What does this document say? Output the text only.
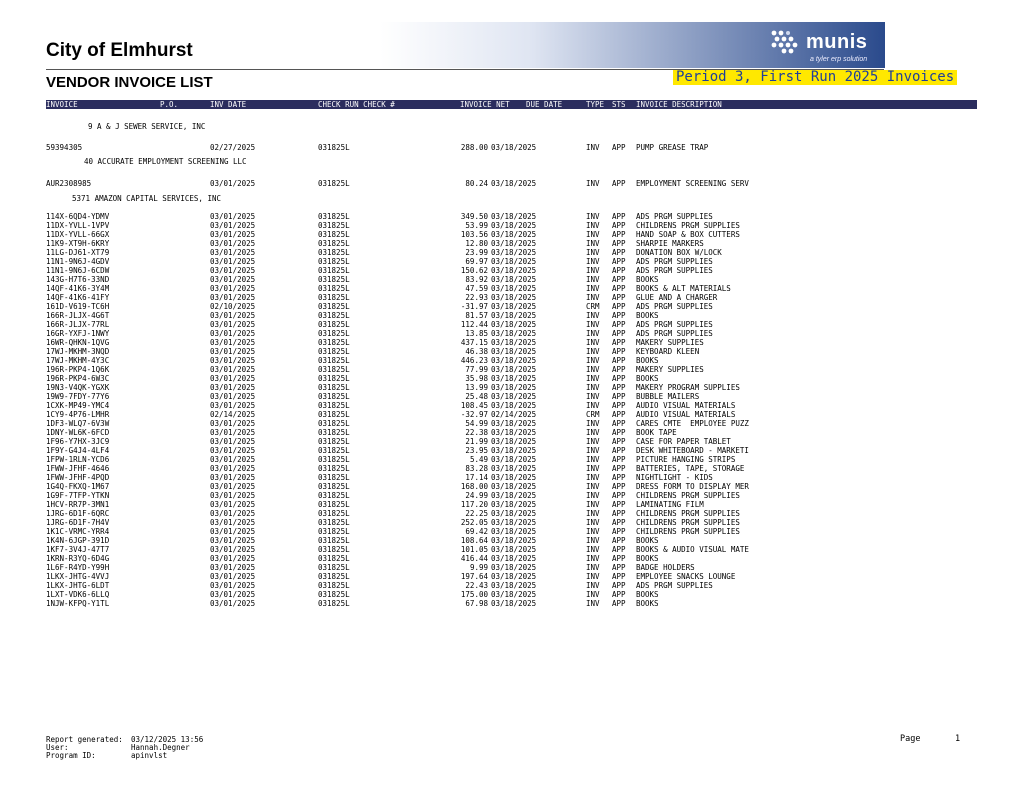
City of Elmhurst
VENDOR INVOICE LIST
munis
a tyler erp solution
Period 3, First Run 2025 Invoices
INVOICE	P.O.	INV DATE	CHECK RUN CHECK #	INVOICE NET DUE DATE	TYPE STS INVOICE DESCRIPTION
9 A & J SEWER SERVICE, INC
59394305	02/27/2025	031825L	288.00 03/18/2025	INV APP PUMP GREASE TRAP
40 ACCURATE EMPLOYMENT SCREENING LLC
AUR2308985	03/01/2025	031825L	80.24 03/18/2025	INV APP EMPLOYMENT SCREENING SERV
5371 AMAZON CAPITAL SERVICES, INC
114X-6QD4-YDMV	03/01/2025	031825L	349.50 03/18/2025	INV APP ADS PRGM SUPPLIES
11DX-YVLL-1VPV	03/01/2025	031825L	53.99 03/18/2025	INV APP CHILDRENS PRGM SUPPLIES
11DX-YVLL-66GX	03/01/2025	031825L	103.56 03/18/2025	INV APP HAND SOAP & BOX CUTTERS
11K9-XT9H-6KRY	03/01/2025	031825L	12.80 03/18/2025	INV APP SHARPIE MARKERS
11LG-DJ61-XT79	03/01/2025	031825L	23.99 03/18/2025	INV APP DONATION BOX W/LOCK
11N1-9N6J-4GDV	03/01/2025	031825L	69.97 03/18/2025	INV APP ADS PRGM SUPPLIES
11N1-9N6J-6CDW	03/01/2025	031825L	150.62 03/18/2025	INV APP ADS PRGM SUPPLIES
143G-H7T6-33ND	03/01/2025	031825L	83.92 03/18/2025	INV APP BOOKS
14QF-41K6-3Y4M	03/01/2025	031825L	47.59 03/18/2025	INV APP BOOKS & ALT MATERIALS
14QF-41K6-41FY	03/01/2025	031825L	22.93 03/18/2025	INV APP GLUE AND A CHARGER
161D-V619-TC6H	02/10/2025	031825L	-31.97 03/18/2025	CRM APP ADS PRGM SUPPLIES
166R-JLJX-4G6T	03/01/2025	031825L	81.57 03/18/2025	INV APP BOOKS
166R-JLJX-77RL	03/01/2025	031825L	112.44 03/18/2025	INV APP ADS PRGM SUPPLIES
16GR-YXFJ-1NWY	03/01/2025	031825L	13.85 03/18/2025	INV APP ADS PRGM SUPPLIES
16WR-QHKN-1QVG	03/01/2025	031825L	437.15 03/18/2025	INV APP MAKERY SUPPLIES
17WJ-MKHM-3NQD	03/01/2025	031825L	46.38 03/18/2025	INV APP KEYBOARD KLEEN
17WJ-MKHM-4Y3C	03/01/2025	031825L	446.23 03/18/2025	INV APP BOOKS
196R-PKP4-1Q6K	03/01/2025	031825L	77.99 03/18/2025	INV APP MAKERY SUPPLIES
196R-PKP4-6W3C	03/01/2025	031825L	35.98 03/18/2025	INV APP BOOKS
19N3-V4QK-YGXK	03/01/2025	031825L	13.99 03/18/2025	INV APP MAKERY PROGRAM SUPPLIES
19W9-7FDY-77Y6	03/01/2025	031825L	25.48 03/18/2025	INV APP BUBBLE MAILERS
1CXK-MP49-YMC4	03/01/2025	031825L	108.45 03/18/2025	INV APP AUDIO VISUAL MATERIALS
1CY9-4P76-LMHR	02/14/2025	031825L	-32.97 02/14/2025	CRM APP AUDIO VISUAL MATERIALS
1DF3-WLQ7-6V3W	03/01/2025	031825L	54.99 03/18/2025	INV APP CARES CMTE  EMPLOYEE PUZZ
1DNY-WL6K-6FCD	03/01/2025	031825L	22.38 03/18/2025	INV APP BOOK TAPE
1F96-Y7HX-3JC9	03/01/2025	031825L	21.99 03/18/2025	INV APP CASE FOR PAPER TABLET
1F9Y-G4J4-4LF4	03/01/2025	031825L	23.95 03/18/2025	INV APP DESK WHITEBOARD - MARKETI
1FPW-1RLN-YCD6	03/01/2025	031825L	5.49 03/18/2025	INV APP PICTURE HANGING STRIPS
1FWW-JFHF-4646	03/01/2025	031825L	83.28 03/18/2025	INV APP BATTERIES, TAPE, STORAGE
1FWW-JFHF-4PQD	03/01/2025	031825L	17.14 03/18/2025	INV APP NIGHTLIGHT - KIDS
1G4Q-FKXQ-1M67	03/01/2025	031825L	168.00 03/18/2025	INV APP DRESS FORM TO DISPLAY MER
1G9F-7TFP-YTKN	03/01/2025	031825L	24.99 03/18/2025	INV APP CHILDRENS PRGM SUPPLIES
1HCV-RR7P-3MN1	03/01/2025	031825L	117.20 03/18/2025	INV APP LAMINATING FILM
1JRG-6D1F-6QRC	03/01/2025	031825L	22.25 03/18/2025	INV APP CHILDRENS PRGM SUPPLIES
1JRG-6D1F-7H4V	03/01/2025	031825L	252.05 03/18/2025	INV APP CHILDRENS PRGM SUPPLIES
1K1C-VRMC-YRR4	03/01/2025	031825L	69.42 03/18/2025	INV APP CHILDRENS PRGM SUPPLIES
1K4N-6JGP-391D	03/01/2025	031825L	108.64 03/18/2025	INV APP BOOKS
1KF7-3V4J-47T7	03/01/2025	031825L	101.05 03/18/2025	INV APP BOOKS & AUDIO VISUAL MATE
1KRN-R3YQ-6D4G	03/01/2025	031825L	416.44 03/18/2025	INV APP BOOKS
1L6F-R4YD-Y99H	03/01/2025	031825L	9.99 03/18/2025	INV APP BADGE HOLDERS
1LKX-JHTG-4VVJ	03/01/2025	031825L	197.64 03/18/2025	INV APP EMPLOYEE SNACKS LOUNGE
1LKX-JHTG-6LDT	03/01/2025	031825L	22.43 03/18/2025	INV APP ADS PRGM SUPPLIES
1LXT-VDK6-6LLQ	03/01/2025	031825L	175.00 03/18/2025	INV APP BOOKS
1NJW-KFPQ-Y1TL	03/01/2025	031825L	67.98 03/18/2025	INV APP BOOKS
Report generated: 03/12/2025 13:56
User:	Hannah.Degner
Program ID:	apinvlst
Page	1
